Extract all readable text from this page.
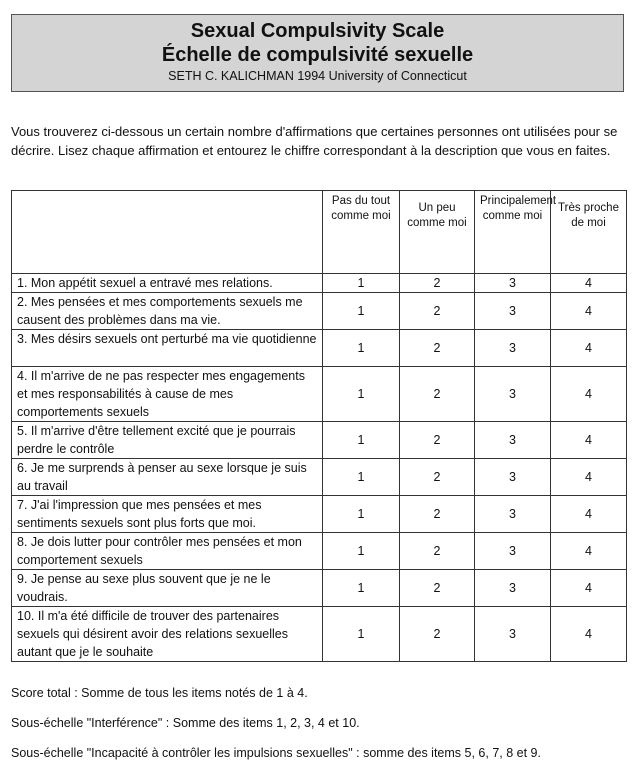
Sexual Compulsivity Scale
Échelle de compulsivité sexuelle
SETH C. KALICHMAN 1994 University of Connecticut
Vous trouverez ci-dessous un certain nombre d'affirmations que certaines personnes ont utilisées pour se décrire. Lisez chaque affirmation et entourez le chiffre correspondant à la description que vous en faites.
	Pas du tout comme moi	Un peu comme moi	Principalement comme moi	Très proche de moi
1. Mon appétit sexuel a entravé mes relations.	1	2	3	4
2. Mes pensées et mes comportements sexuels me causent des problèmes dans ma vie.	1	2	3	4
3. Mes désirs sexuels ont perturbé ma vie quotidienne	1	2	3	4
4. Il m'arrive de ne pas respecter mes engagements et mes responsabilités à cause de mes comportements sexuels	1	2	3	4
5. Il m'arrive d'être tellement excité que je pourrais perdre le contrôle	1	2	3	4
6. Je me surprends à penser au sexe lorsque je suis au travail	1	2	3	4
7. J'ai l'impression que mes pensées et mes sentiments sexuels sont plus forts que moi.	1	2	3	4
8. Je dois lutter pour contrôler mes pensées et mon comportement sexuels	1	2	3	4
9. Je pense au sexe plus souvent que je ne le voudrais.	1	2	3	4
10. Il m'a été difficile de trouver des partenaires sexuels qui désirent avoir des relations sexuelles autant que je le souhaite	1	2	3	4
Score total : Somme de tous les items notés de 1 à 4.
Sous-échelle "Interférence" : Somme des items 1, 2, 3, 4 et 10.
Sous-échelle "Incapacité à contrôler les impulsions sexuelles" : somme des items 5, 6, 7, 8 et 9.
